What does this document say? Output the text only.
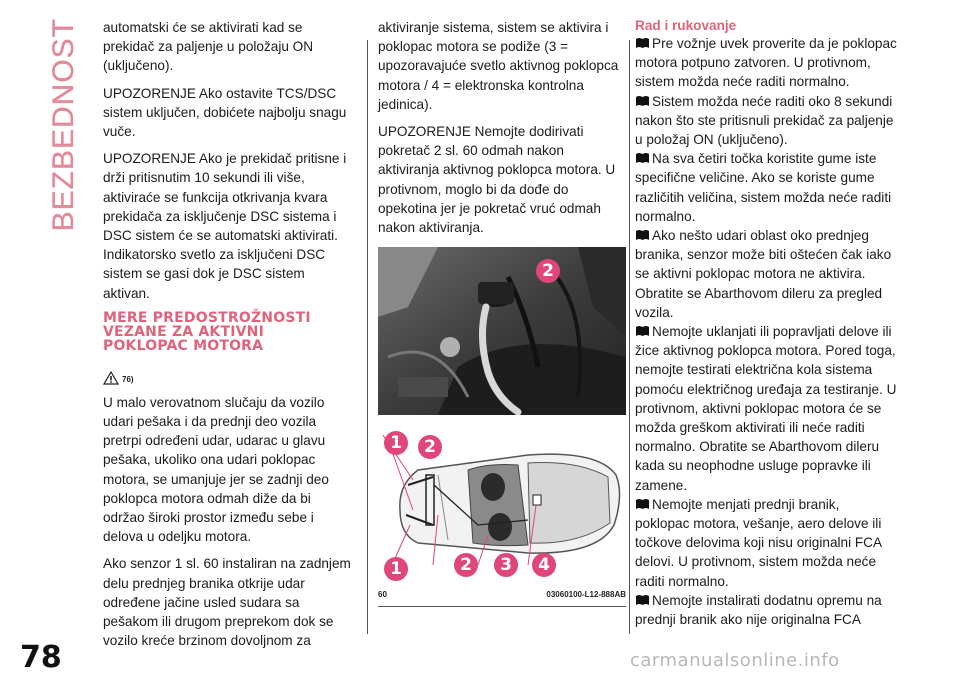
BEZBEDNOST automatski će se aktivirati kad se prekidač za paljenje u položaju ON (uključeno).

UPOZORENJE Ako ostavite TCS/DSC sistem uključen, dobićete najbolju snagu vuče.

UPOZORENJE Ako je prekidač pritisne i drži pritisnutim 10 sekundi ili više, aktiviraće se funkcija otkrivanja kvara prekidača za isključenje DSC sistema i DSC sistem će se automatski aktivirati. Indikatorsko svetlo za isključeni DSC sistem se gasi dok je DSC sistem aktivan.

MERE PREDOSTROŽNOSTI VEZANE ZA AKTIVNI POKLOPAC MOTORA
76)

U malo verovatnom slučaju da vozilo udari pešaka i da prednji deo vozila pretrpi određeni udar, udarac u glavu pešaka, ukoliko ona udari poklopac motora, se umanjuje jer se zadnji deo poklopca motora odmah diže da bi održao široki prostor između sebe i delova u odeljku motora.

Ako senzor 1 sl. 60 instaliran na zadnjem delu prednjeg branika otkrije udar određene jačine usled sudara sa pešakom ili drugom preprekom dok se vozilo kreće brzinom dovoljnom za

aktiviranje sistema, sistem se aktivira i poklopac motora se podiže (3 = upozoravajuće svetlo aktivnog poklopca motora / 4 = elektronska kontrolna jedinica).

UPOZORENJE Nemojte dodirivati pokretač 2 sl. 60 odmah nakon aktiviranja aktivnog poklopca motora. U protivnom, moglo bi da dođe do opekotina jer je pokretač vruć odmah nakon aktiviranja.

2
1	2
1	2	3	4
60	03060100-L12-888AB
Rad i rukovanje

Pre vožnje uvek proverite da je poklopac motora potpuno zatvoren. U protivnom, sistem možda neće raditi normalno.

Sistem možda neće raditi oko 8 sekundi nakon što ste pritisnuli prekidač za paljenje u položaj ON (uključeno).

Na sva četiri točka koristite gume iste specifične veličine. Ako se koriste gume različitih veličina, sistem možda neće raditi normalno.

Ako nešto udari oblast oko prednjeg branika, senzor može biti oštećen čak iako se aktivni poklopac motora ne aktivira. Obratite se Abarthovom dileru za pregled vozila.

Nemojte uklanjati ili popravljati delove ili žice aktivnog poklopca motora. Pored toga, nemojte testirati električna kola sistema pomoću električnog uređaja za testiranje. U protivnom, aktivni poklopac motora će se možda greškom aktivirati ili neće raditi normalno. Obratite se Abarthovom dileru kada su neophodne usluge popravke ili zamene.

Nemojte menjati prednji branik, poklopac motora, vešanje, aero delove ili točkove delovima koji nisu originalni FCA delovi. U protivnom, sistem možda neće raditi normalno.

Nemojte instalirati dodatnu opremu na prednji branik ako nije originalna FCA

78	carmanualsonline.info
